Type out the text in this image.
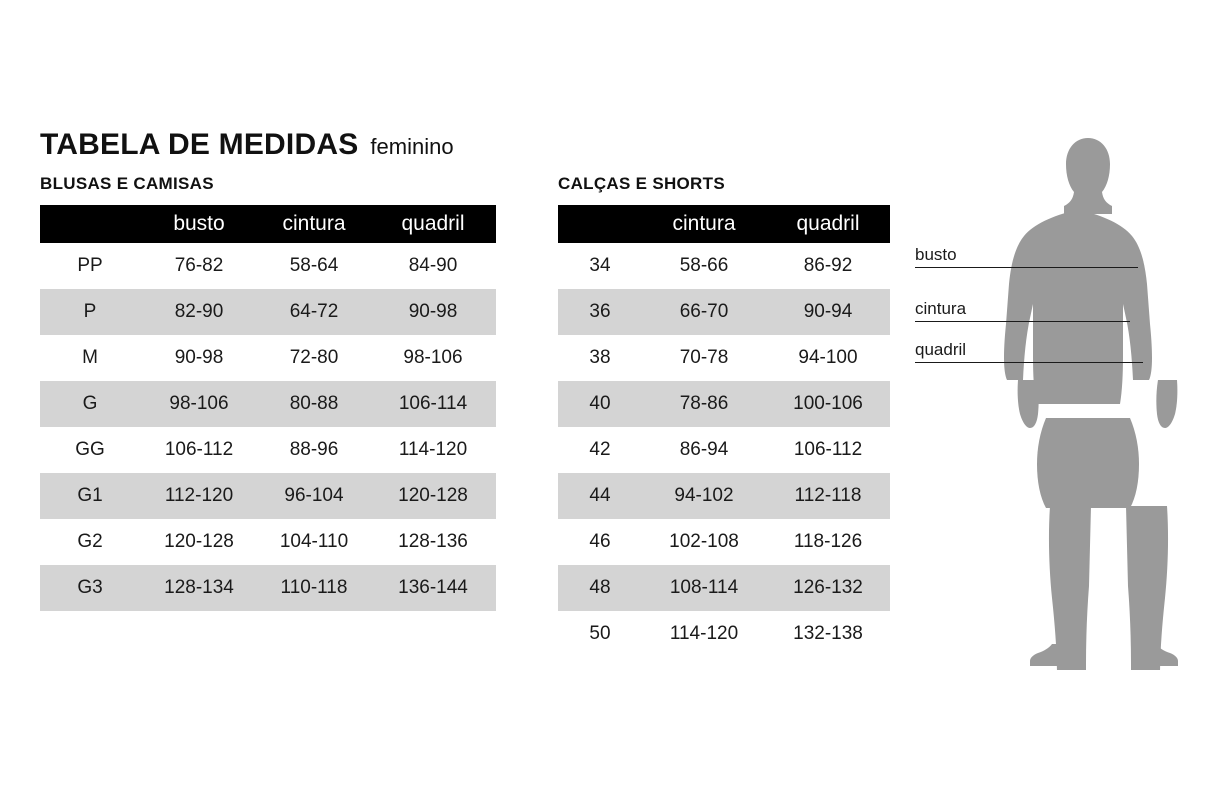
TABELA DE MEDIDAS feminino
BLUSAS E CAMISAS
	busto	cintura	quadril
PP	76-82	58-64	84-90
P	82-90	64-72	90-98
M	90-98	72-80	98-106
G	98-106	80-88	106-114
GG	106-112	88-96	114-120
G1	112-120	96-104	120-128
G2	120-128	104-110	128-136
G3	128-134	110-118	136-144
CALÇAS E SHORTS
	cintura	quadril
34	58-66	86-92
36	66-70	90-94
38	70-78	94-100
40	78-86	100-106
42	86-94	106-112
44	94-102	112-118
46	102-108	118-126
48	108-114	126-132
50	114-120	132-138
busto
cintura
quadril
